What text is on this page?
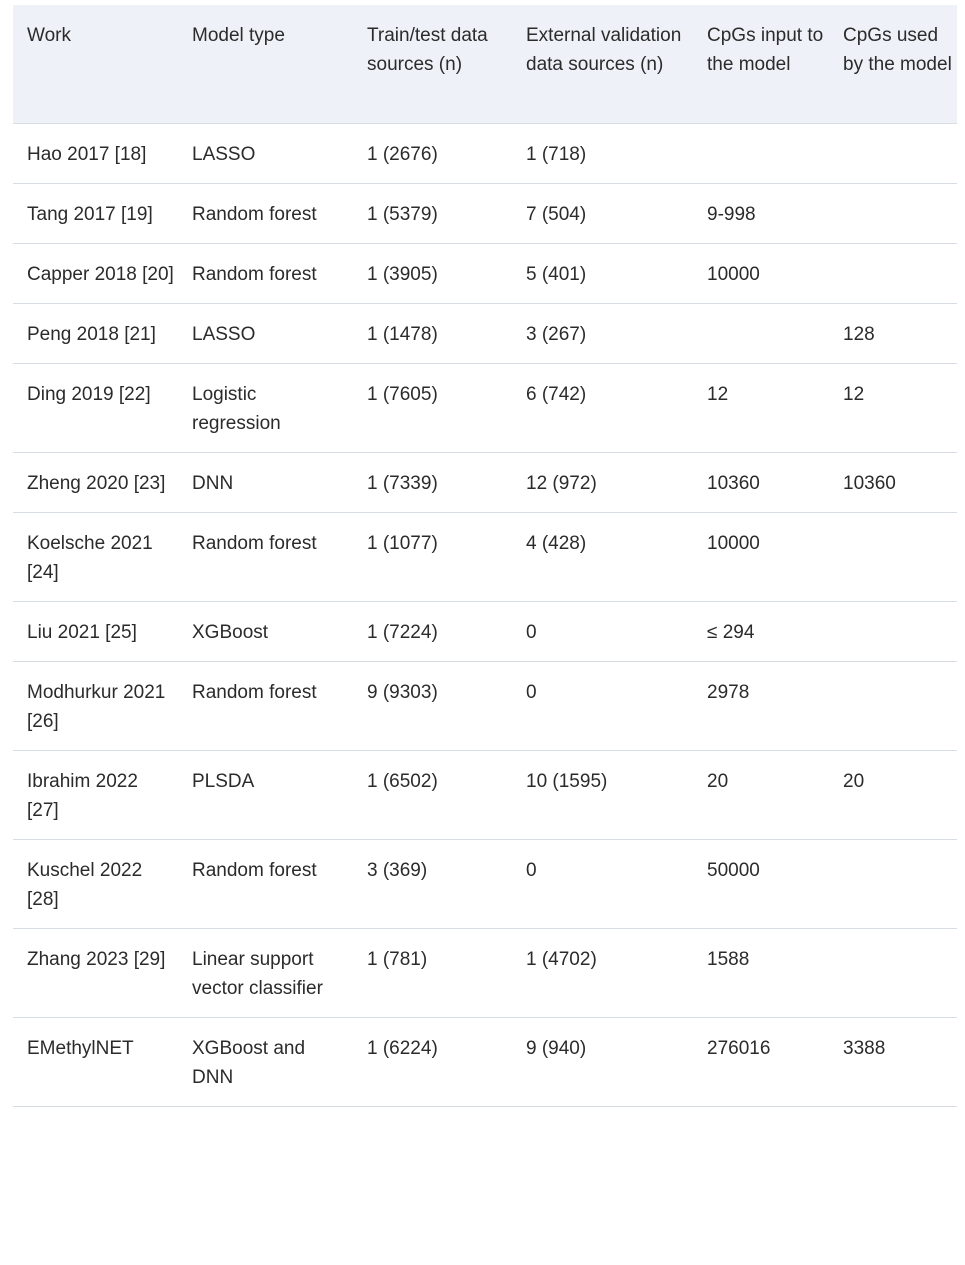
Work	Model type	Train/test data sources (n)	External validation data sources (n)	CpGs input to the model	CpGs used by the model
Hao 2017 [18]	LASSO	1 (2676)	1 (718)		
Tang 2017 [19]	Random forest	1 (5379)	7 (504)	9-998	
Capper 2018 [20]	Random forest	1 (3905)	5 (401)	10000	
Peng 2018 [21]	LASSO	1 (1478)	3 (267)		128
Ding 2019 [22]	Logistic regression	1 (7605)	6 (742)	12	12
Zheng 2020 [23]	DNN	1 (7339)	12 (972)	10360	10360
Koelsche 2021 [24]	Random forest	1 (1077)	4 (428)	10000	
Liu 2021 [25]	XGBoost	1 (7224)	0	≤ 294	
Modhurkur 2021 [26]	Random forest	9 (9303)	0	2978	
Ibrahim 2022 [27]	PLSDA	1 (6502)	10 (1595)	20	20
Kuschel 2022 [28]	Random forest	3 (369)	0	50000	
Zhang 2023 [29]	Linear support vector classifier	1 (781)	1 (4702)	1588	
EMethylNET	XGBoost and DNN	1 (6224)	9 (940)	276016	3388
